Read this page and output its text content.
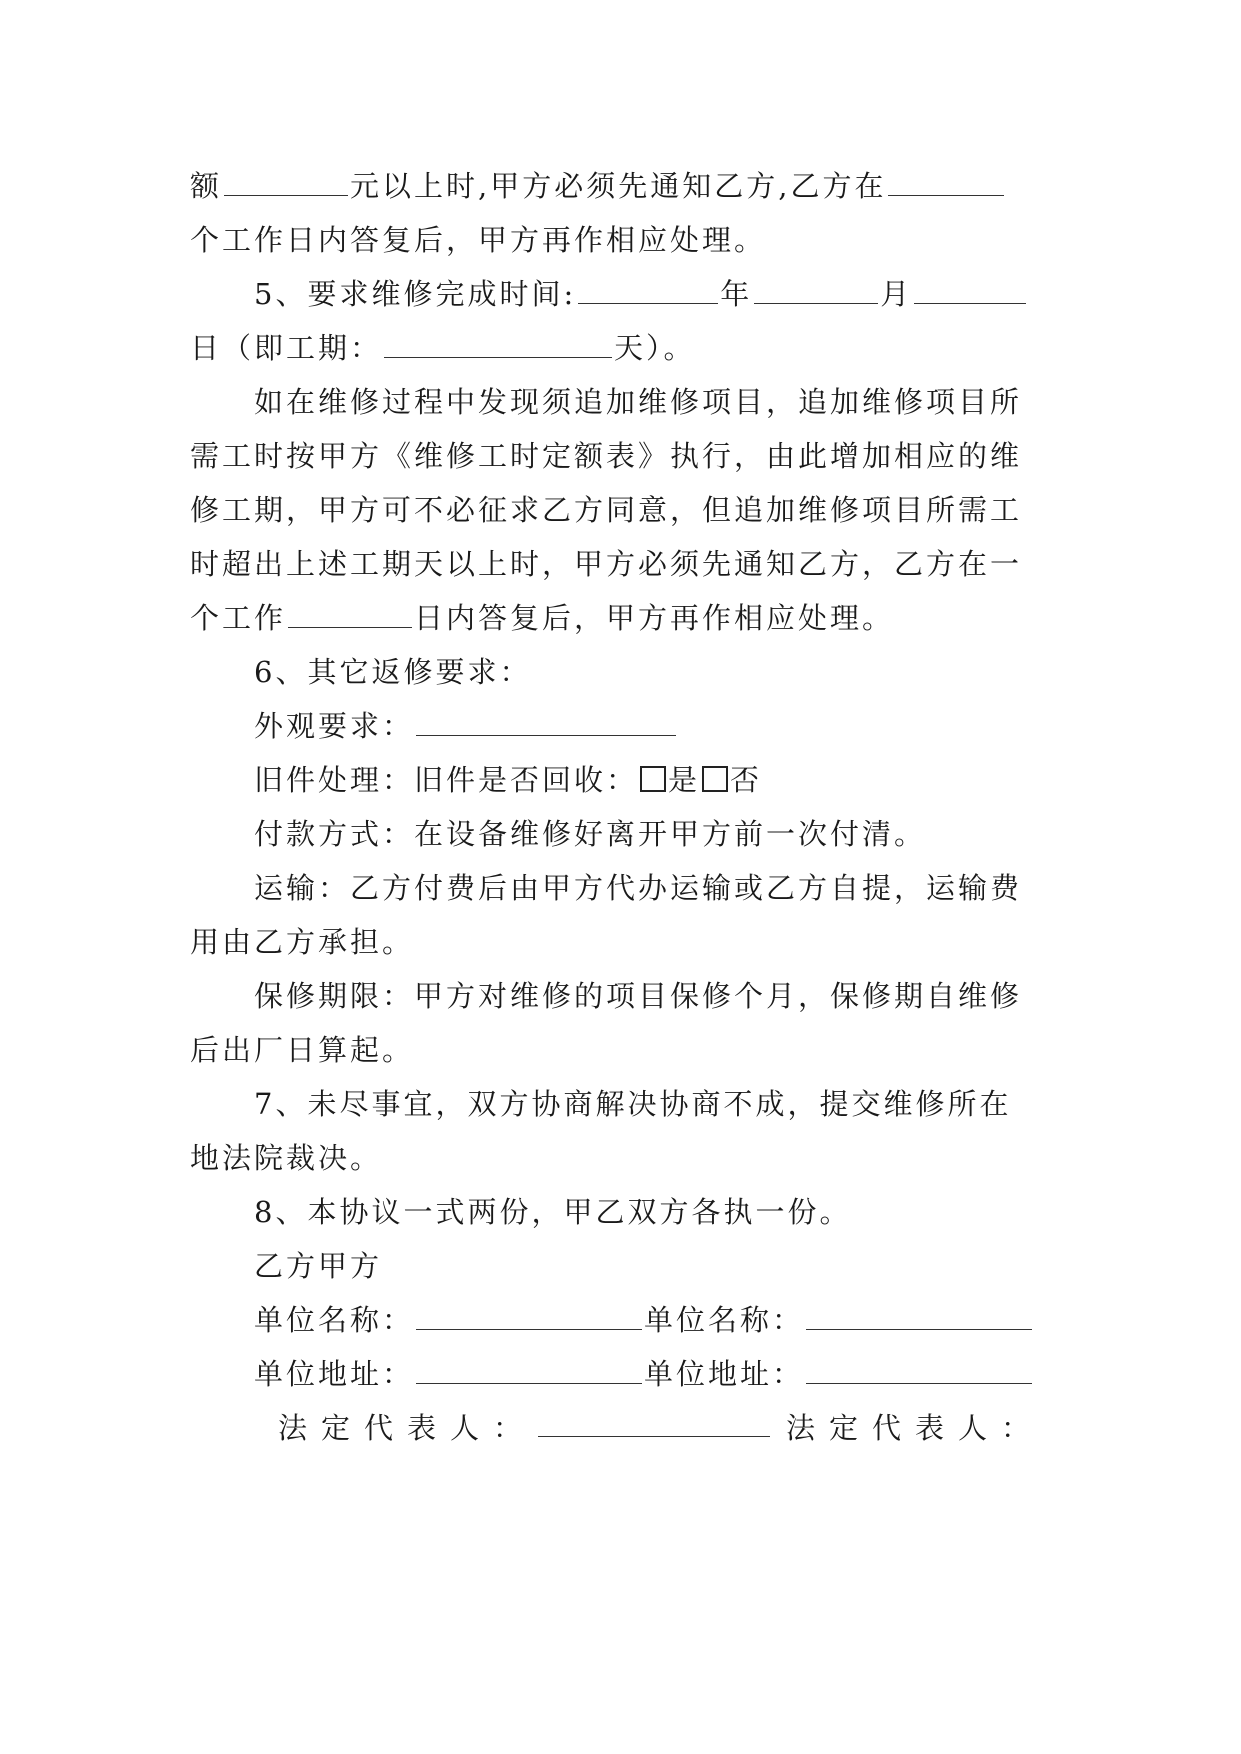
额	元以上时,甲方必须先通知乙方,乙方在
个工作日内答复后，甲方再作相应处理。
5、要求维修完成时间:	年	月
日（即工期：	天）。
如在维修过程中发现须追加维修项目，追加维修项目所
需工时按甲方《维修工时定额表》执行，由此增加相应的维
修工期，甲方可不必征求乙方同意，但追加维修项目所需工
时超出上述工期天以上时，甲方必须先通知乙方，乙方在一
个工作	日内答复后，甲方再作相应处理。
6、其它返修要求：
外观要求：
旧件处理：旧件是否回收： 是 否
付款方式：在设备维修好离开甲方前一次付清。
运输：乙方付费后由甲方代办运输或乙方自提，运输费
用由乙方承担。
保修期限：甲方对维修的项目保修个月，保修期自维修
后出厂日算起。
7、未尽事宜，双方协商解决协商不成，提交维修所在
地法院裁决。
8、本协议一式两份，甲乙双方各执一份。
乙方甲方
单位名称：	单位名称：
单位地址：	单位地址：
法 定 代 表 人 ：	法 定 代 表 人 ：
